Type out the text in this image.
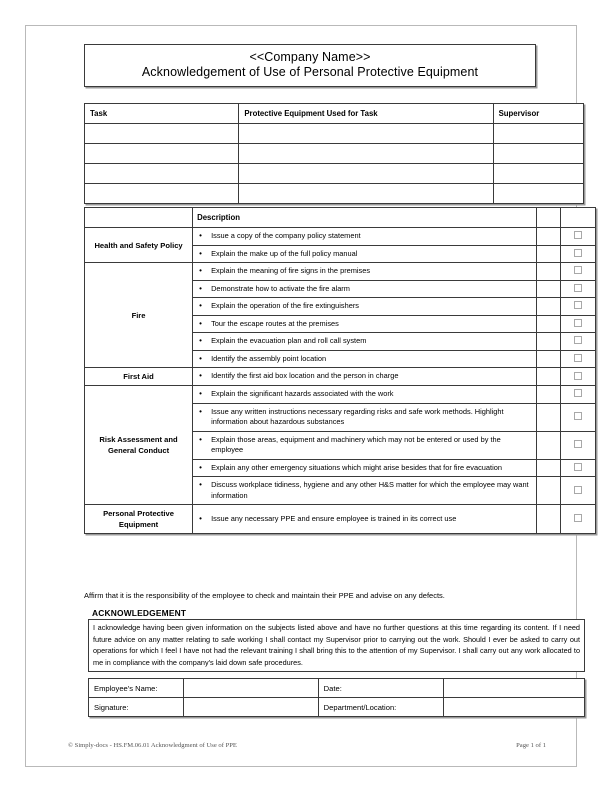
<<Company Name>>
Acknowledgement of Use of Personal Protective Equipment
Task	Protective Equipment Used for Task	Supervisor

	Description		
Health and Safety Policy	• Issue a copy of the company policy statement		

	• Explain the make up of the full policy manual		

Fire	• Explain the meaning of fire signs in the premises		

	• Demonstrate how to activate the fire alarm		

	• Explain the operation of the fire extinguishers		

	• Tour the escape routes at the premises		

	• Explain the evacuation plan and roll call system		

	• Identify the assembly point location		

First Aid	• Identify the first aid box location and the person in charge		

Risk Assessment and General Conduct	• Explain the significant hazards associated with the work		

	• Issue any written instructions necessary regarding risks and safe work methods. Highlight information about hazardous substances		

	• Explain those areas, equipment and machinery which may not be entered or used by the employee		

	• Explain any other emergency situations which might arise besides that for fire evacuation		

	• Discuss workplace tidiness, hygiene and any other H&S matter for which the employee may want information		

Personal Protective Equipment	• Issue any necessary PPE and ensure employee is trained in its correct use		

Affirm that it is the responsibility of the employee to check and maintain their PPE and advise on any defects.
ACKNOWLEDGEMENT

I acknowledge having been given information on the subjects listed above and have no further questions at this time regarding its content. If I need future advice on any matter relating to safe working I shall contact my Supervisor prior to carrying out the work. Should I ever be asked to carry out operations for which I feel I have not had the relevant training I shall bring this to the attention of my Supervisor. I shall carry out any work allocated to me in compliance with the company's laid down safe procedures.

Employee's Name:		Date:	
Signature:		Department/Location:	
© Simply-docs - HS.FM.06.01 Acknowledgment of Use of PPE	Page 1 of 1
